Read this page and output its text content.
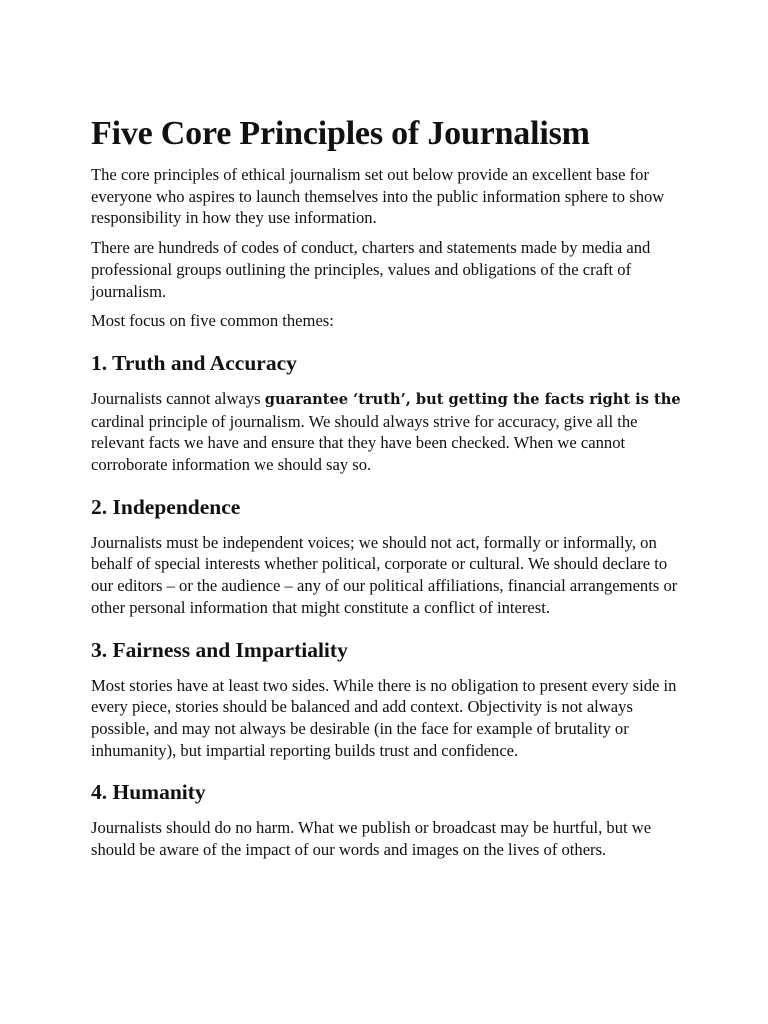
Five Core Principles of Journalism

The core principles of ethical journalism set out below provide an excellent base for everyone who aspires to launch themselves into the public information sphere to show responsibility in how they use information.

There are hundreds of codes of conduct, charters and statements made by media and professional groups outlining the principles, values and obligations of the craft of journalism.

Most focus on five common themes:

1. Truth and Accuracy

Journalists cannot always guarantee ‘truth’, but getting the facts right is the cardinal principle of journalism. We should always strive for accuracy, give all the relevant facts we have and ensure that they have been checked. When we cannot corroborate information we should say so.

2. Independence

Journalists must be independent voices; we should not act, formally or informally, on behalf of special interests whether political, corporate or cultural. We should declare to our editors – or the audience – any of our political affiliations, financial arrangements or other personal information that might constitute a conflict of interest.

3. Fairness and Impartiality

Most stories have at least two sides. While there is no obligation to present every side in every piece, stories should be balanced and add context. Objectivity is not always possible, and may not always be desirable (in the face for example of brutality or inhumanity), but impartial reporting builds trust and confidence.

4. Humanity

Journalists should do no harm. What we publish or broadcast may be hurtful, but we should be aware of the impact of our words and images on the lives of others.
